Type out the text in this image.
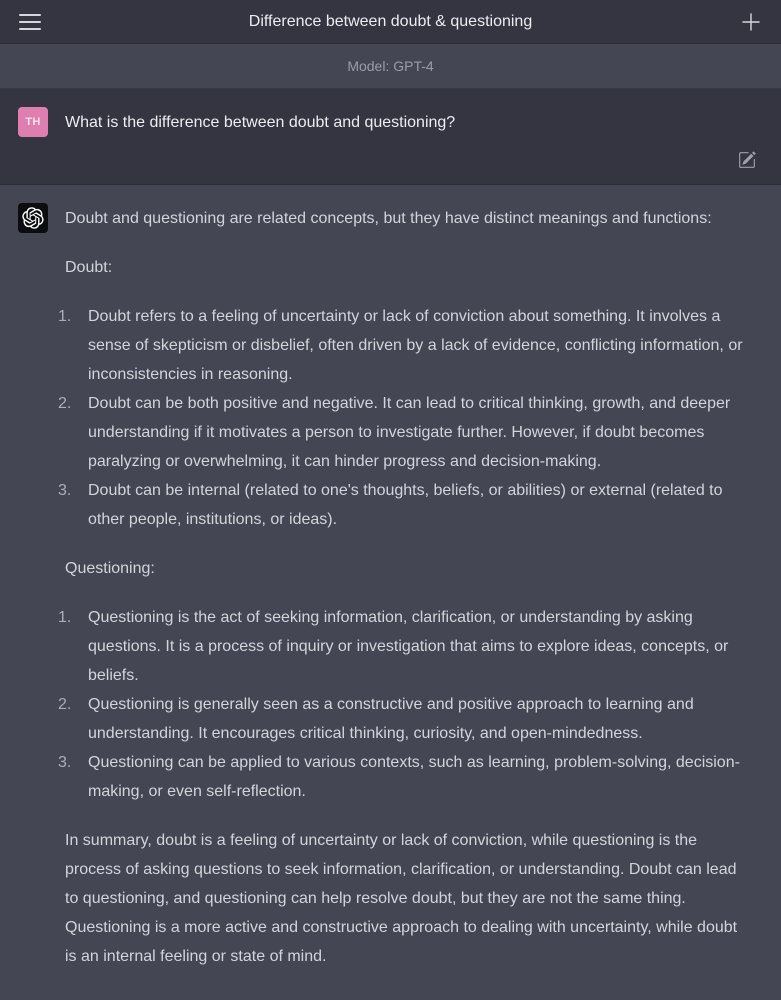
Difference between doubt & questioning
Model: GPT-4
TH	What is the difference between doubt and questioning?
Doubt and questioning are related concepts, but they have distinct meanings and functions:
Doubt:
1.	Doubt refers to a feeling of uncertainty or lack of conviction about something. It involves a sense of skepticism or disbelief, often driven by a lack of evidence, conflicting information, or inconsistencies in reasoning.
2.	Doubt can be both positive and negative. It can lead to critical thinking, growth, and deeper understanding if it motivates a person to investigate further. However, if doubt becomes paralyzing or overwhelming, it can hinder progress and decision-making.
3.	Doubt can be internal (related to one's thoughts, beliefs, or abilities) or external (related to other people, institutions, or ideas).
Questioning:
1.	Questioning is the act of seeking information, clarification, or understanding by asking questions. It is a process of inquiry or investigation that aims to explore ideas, concepts, or beliefs.
2.	Questioning is generally seen as a constructive and positive approach to learning and understanding. It encourages critical thinking, curiosity, and open-mindedness.
3.	Questioning can be applied to various contexts, such as learning, problem-solving, decision-making, or even self-reflection.
In summary, doubt is a feeling of uncertainty or lack of conviction, while questioning is the process of asking questions to seek information, clarification, or understanding. Doubt can lead to questioning, and questioning can help resolve doubt, but they are not the same thing. Questioning is a more active and constructive approach to dealing with uncertainty, while doubt is an internal feeling or state of mind.
